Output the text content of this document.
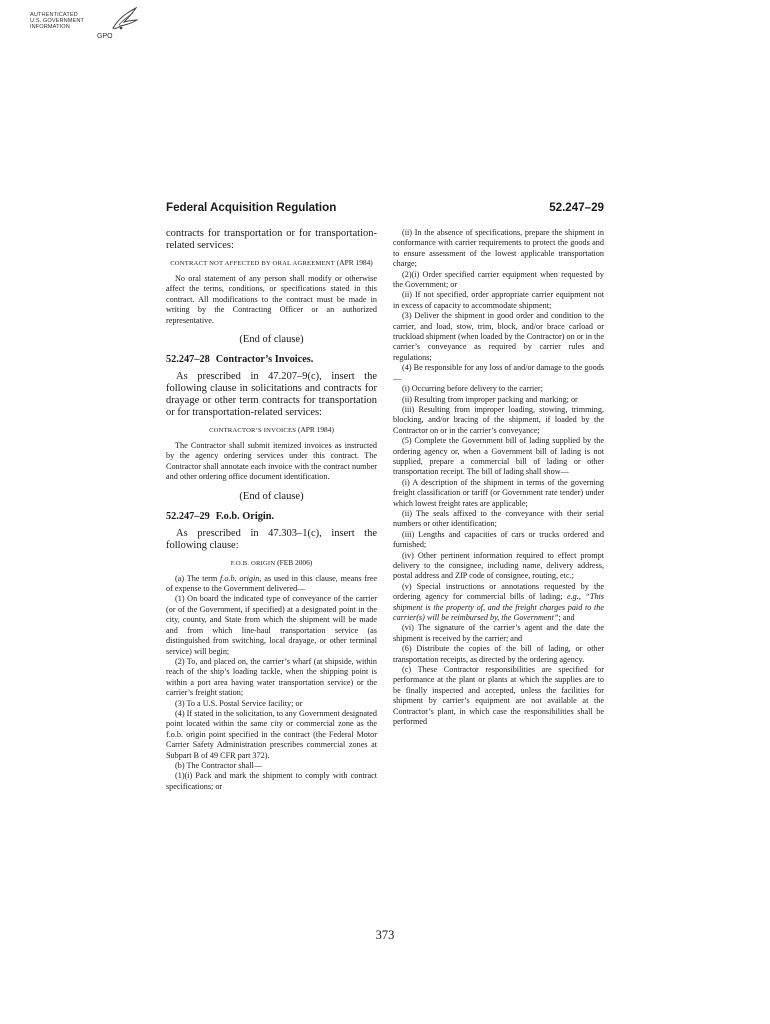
AUTHENTICATED
U.S. GOVERNMENT
INFORMATION
GPO
Federal Acquisition Regulation	52.247–29

contracts for transportation or for transportation-related services:

CONTRACT NOT AFFECTED BY ORAL AGREEMENT (APR 1984)

No oral statement of any person shall modify or otherwise affect the terms, conditions, or specifications stated in this contract. All modifications to the contract must be made in writing by the Contracting Officer or an authorized representative.

(End of clause)
52.247–28 Contractor’s Invoices.

As prescribed in 47.207–9(c), insert the following clause in solicitations and contracts for drayage or other term contracts for transportation or for transportation-related services:

CONTRACTOR’S INVOICES (APR 1984)

The Contractor shall submit itemized invoices as instructed by the agency ordering services under this contract. The Contractor shall annotate each invoice with the contract number and other ordering office document identification.

(End of clause)
52.247–29 F.o.b. Origin.

As prescribed in 47.303–1(c), insert the following clause:

F.O.B. ORIGIN (FEB 2006)

(a) The term f.o.b. origin, as used in this clause, means free of expense to the Government delivered—

(1) On board the indicated type of conveyance of the carrier (or of the Government, if specified) at a designated point in the city, county, and State from which the shipment will be made and from which line-haul transportation service (as distinguished from switching, local drayage, or other terminal service) will begin;

(2) To, and placed on, the carrier’s wharf (at shipside, within reach of the ship’s loading tackle, when the shipping point is within a port area having water transportation service) or the carrier’s freight station;

(3) To a U.S. Postal Service facility; or

(4) If stated in the solicitation, to any Government designated point located within the same city or commercial zone as the f.o.b. origin point specified in the contract (the Federal Motor Carrier Safety Administration prescribes commercial zones at Subpart B of 49 CFR part 372).

(b) The Contractor shall—

(1)(i) Pack and mark the shipment to comply with contract specifications; or

(ii) In the absence of specifications, prepare the shipment in conformance with carrier requirements to protect the goods and to ensure assessment of the lowest applicable transportation charge;

(2)(i) Order specified carrier equipment when requested by the Government; or

(ii) If not specified, order appropriate carrier equipment not in excess of capacity to accommodate shipment;

(3) Deliver the shipment in good order and condition to the carrier, and load, stow, trim, block, and/or brace carload or truckload shipment (when loaded by the Contractor) on or in the carrier’s conveyance as required by carrier rules and regulations;

(4) Be responsible for any loss of and/or damage to the goods—

(i) Occurring before delivery to the carrier;

(ii) Resulting from improper packing and marking; or

(iii) Resulting from improper loading, stowing, trimming, blocking, and/or bracing of the shipment, if loaded by the Contractor on or in the carrier’s conveyance;

(5) Complete the Government bill of lading supplied by the ordering agency or, when a Government bill of lading is not supplied, prepare a commercial bill of lading or other transportation receipt. The bill of lading shall show—

(i) A description of the shipment in terms of the governing freight classification or tariff (or Government rate tender) under which lowest freight rates are applicable;

(ii) The seals affixed to the conveyance with their serial numbers or other identification;

(iii) Lengths and capacities of cars or trucks ordered and furnished;

(iv) Other pertinent information required to effect prompt delivery to the consignee, including name, delivery address, postal address and ZIP code of consignee, routing, etc.;

(v) Special instructions or annotations requested by the ordering agency for commercial bills of lading; e.g., “This shipment is the property of, and the freight charges paid to the carrier(s) will be reimbursed by, the Government”; and

(vi) The signature of the carrier’s agent and the date the shipment is received by the carrier; and

(6) Distribute the copies of the bill of lading, or other transportation receipts, as directed by the ordering agency.

(c) These Contractor responsibilities are specified for performance at the plant or plants at which the supplies are to be finally inspected and accepted, unless the facilities for shipment by carrier’s equipment are not available at the Contractor’s plant, in which case the responsibilities shall be performed

373
